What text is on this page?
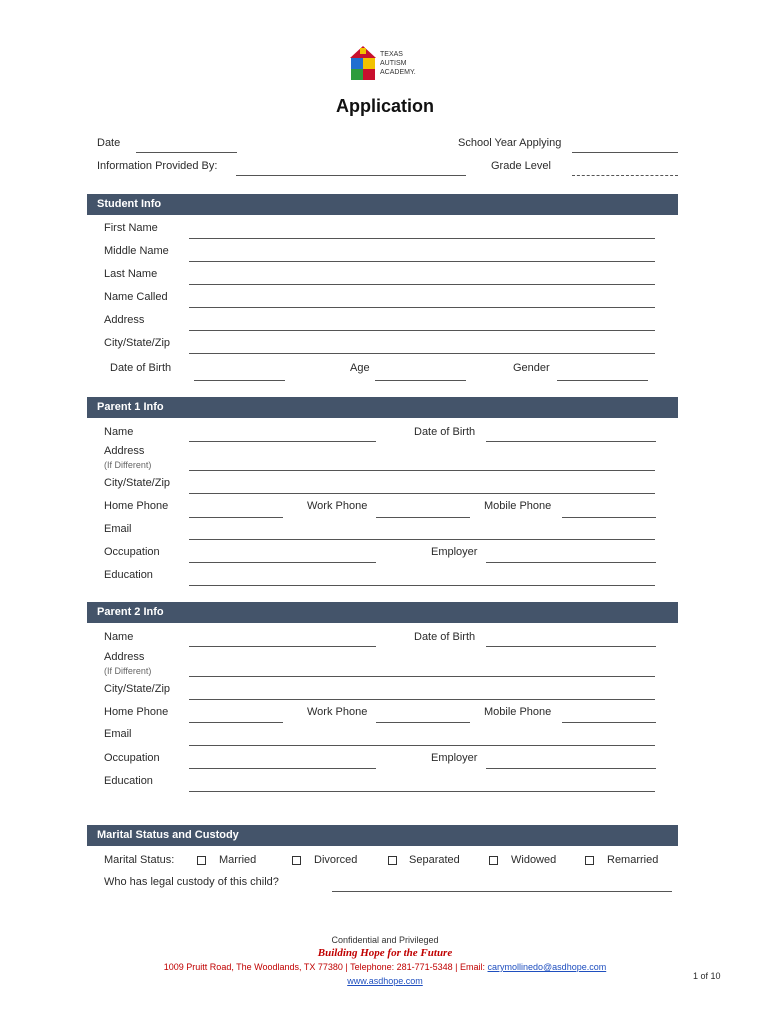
TEXAS
AUTISM
ACADEMY.
Application
Date	School Year Applying
Information Provided By:	Grade Level
Student Info
First Name
Middle Name
Last Name
Name Called
Address
City/State/Zip
Date of Birth	Age	Gender
Parent 1 Info
Name	Date of Birth
Address
(If Different)
City/State/Zip
Home Phone	Work Phone	Mobile Phone
Email
Occupation	Employer
Education
Parent 2 Info
Name	Date of Birth
Address
(If Different)
City/State/Zip
Home Phone	Work Phone	Mobile Phone
Email
Occupation	Employer
Education
Marital Status and Custody
Marital Status:	Married	Divorced	Separated	Widowed	Remarried
Who has legal custody of this child?
Confidential and Privileged
Building Hope for the Future
1009 Pruitt Road, The Woodlands, TX 77380 | Telephone: 281-771-5348 | Email: carymollinedo@asdhope.com
www.asdhope.com	1 of 10
